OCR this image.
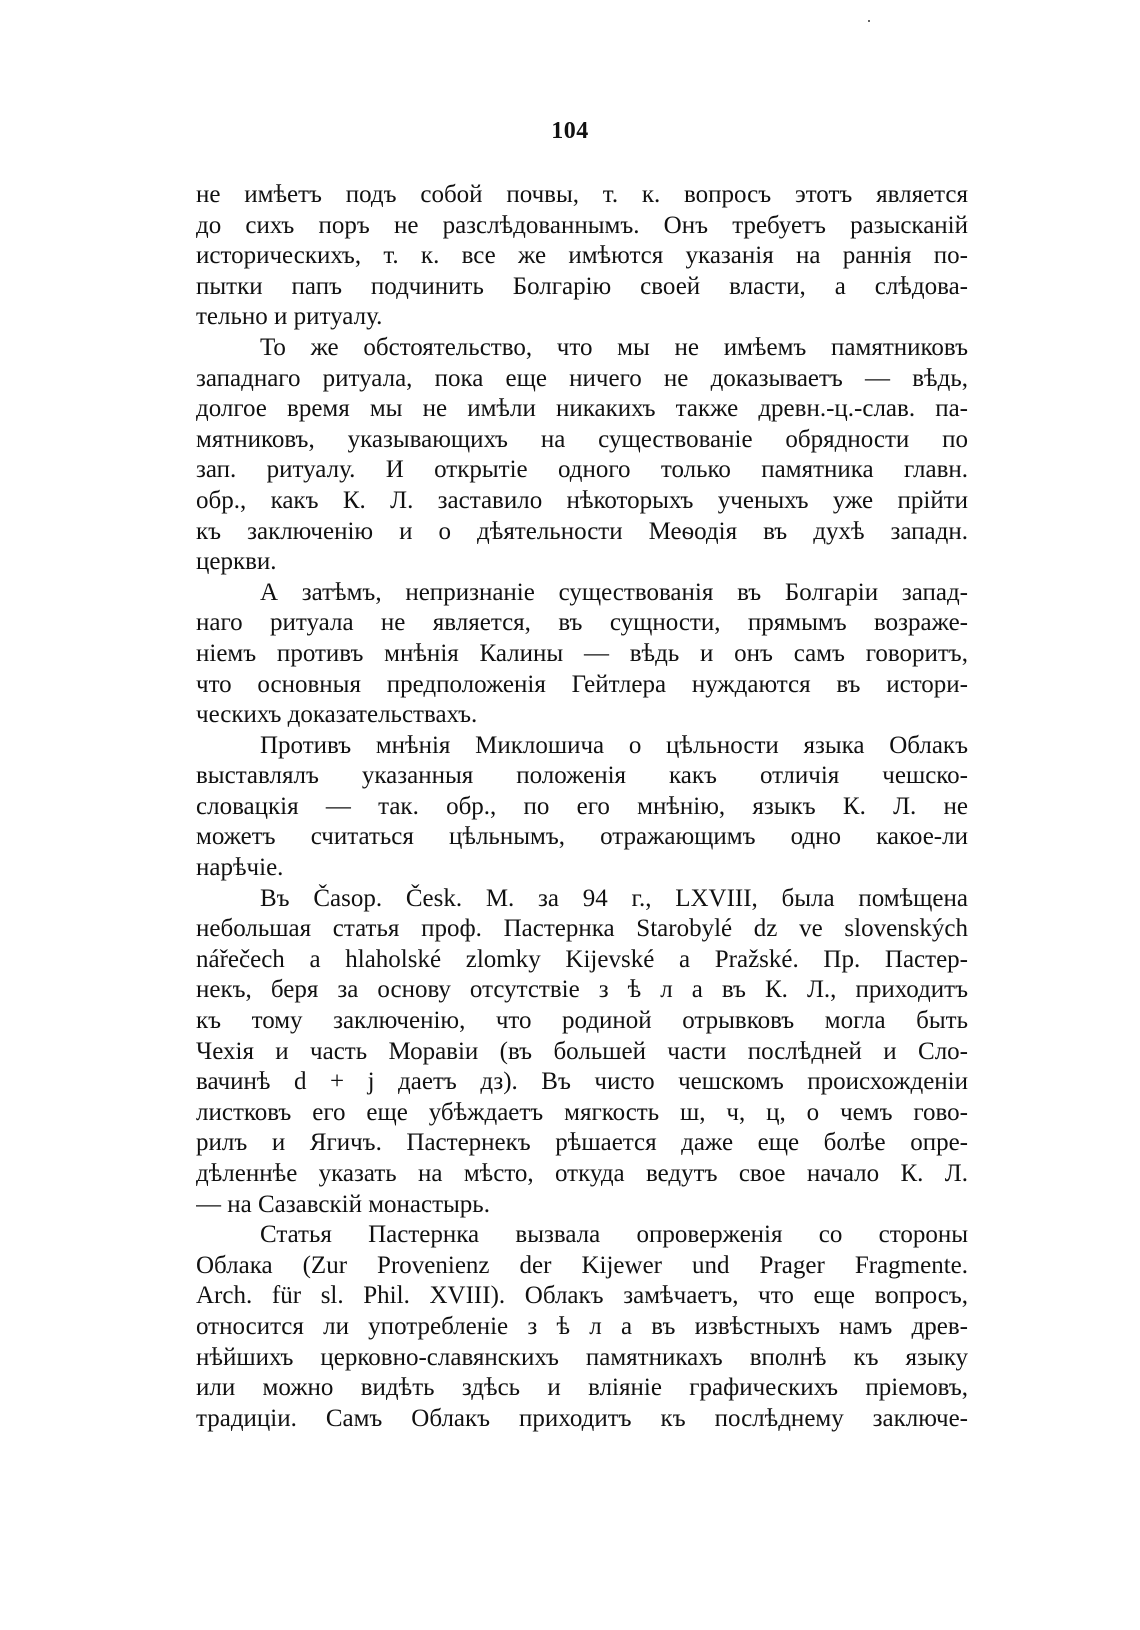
104
не имѣетъ подъ собой почвы, т. к. вопросъ этотъ является
до сихъ поръ не разслѣдованнымъ. Онъ требуетъ разысканій
историческихъ, т. к. все же имѣются указанія на раннія по-
пытки папъ подчинить Болгарію своей власти, а слѣдова-
тельно и ритуалу.
То же обстоятельство, что мы не имѣемъ памятниковъ
западнаго ритуала, пока еще ничего не доказываетъ — вѣдь,
долгое время мы не имѣли никакихъ также древн.-ц.-слав. па-
мятниковъ, указывающихъ на существованіе обрядности по
зап. ритуалу. И открытіе одного только памятника главн.
обр., какъ К. Л. заставило нѣкоторыхъ ученыхъ уже прійти
къ заключенію и о дѣятельности Меѳодія въ духѣ западн.
церкви.
А затѣмъ, непризнаніе существованія въ Болгаріи запад-
наго ритуала не является, въ сущности, прямымъ возраже-
ніемъ противъ мнѣнія Калины — вѣдь и онъ самъ говоритъ,
что основныя предположенія Гейтлера нуждаются въ истори-
ческихъ доказательствахъ.
Противъ мнѣнія Миклошича о цѣльности языка Облакъ
выставлялъ указанныя положенія какъ отличія чешско-
словацкія — так. обр., по его мнѣнію, языкъ К. Л. не
можетъ считаться цѣльнымъ, отражающимъ одно какое-ли
нарѣчіе.
Въ Časop. Česk. M. за 94 г., LXVIII, была помѣщена
небольшая статья проф. Пастернка Starobylé dz ve slovenských
nářečech a hlaholské zlomky Kijevské a Pražské. Пр. Пастер-
некъ, беря за основу отсутствіе з ѣ л а въ К. Л., приходитъ
къ тому заключенію, что родиной отрывковъ могла быть
Чехія и часть Моравіи (въ большей части послѣдней и Сло-
вачинѣ d + j даетъ дз). Въ чисто чешскомъ происхожденіи
листковъ его еще убѣждаетъ мягкость ш, ч, ц, о чемъ гово-
рилъ и Ягичъ. Пастернекъ рѣшается даже еще болѣе опре-
дѣленнѣе указать на мѣсто, откуда ведутъ свое начало К. Л.
— на Сазавскій монастырь.
Статья Пастернка вызвала опроверженія со стороны
Облака (Zur Provenienz der Kijewer und Prager Fragmente.
Arch. für sl. Phil. XVIII). Облакъ замѣчаетъ, что еще вопросъ,
относится ли употребленіе з ѣ л а въ извѣстныхъ намъ древ-
нѣйшихъ церковно-славянскихъ памятникахъ вполнѣ къ языку
или можно видѣть здѣсь и вліяніе графическихъ пріемовъ,
традиціи. Самъ Облакъ приходитъ къ послѣднему заключе-
